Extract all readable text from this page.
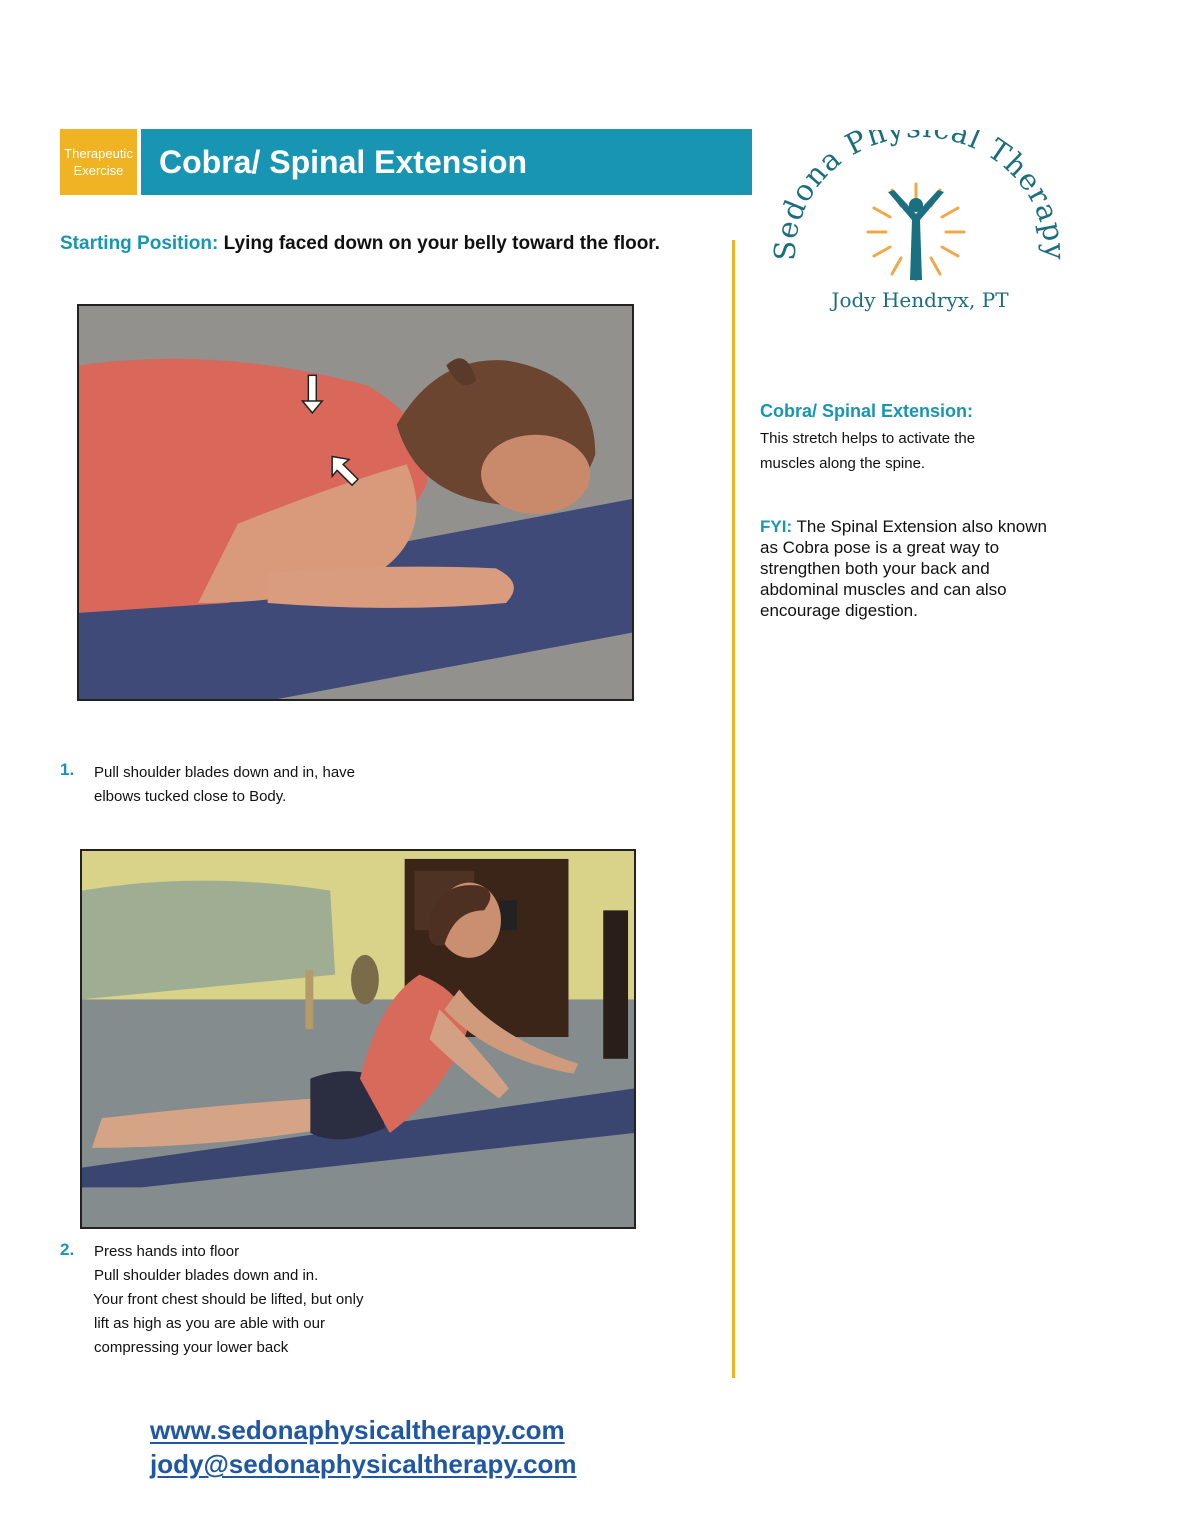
Therapeutic
Exercise	Cobra/ Spinal Extension
Starting Position: Lying faced down on your belly toward the floor.
1. Pull shoulder blades down and in, have
elbows tucked close to Body.
2. Press hands into floor
Pull shoulder blades down and in.
Your front chest should be lifted, but only
lift as high as you are able with our
compressing your lower back
Sedona Ph al Therapy
Jody Hendryx, PT
Cobra/ Spinal Extension:
This stretch helps to activate the
muscles along the spine.
FYI: The Spinal Extension also known as Cobra pose is a great way to strengthen both your back and abdominal muscles and can also encourage digestion.
www.sedonaphysicaltherapy.com
jody@sedonaphysicaltherapy.com
